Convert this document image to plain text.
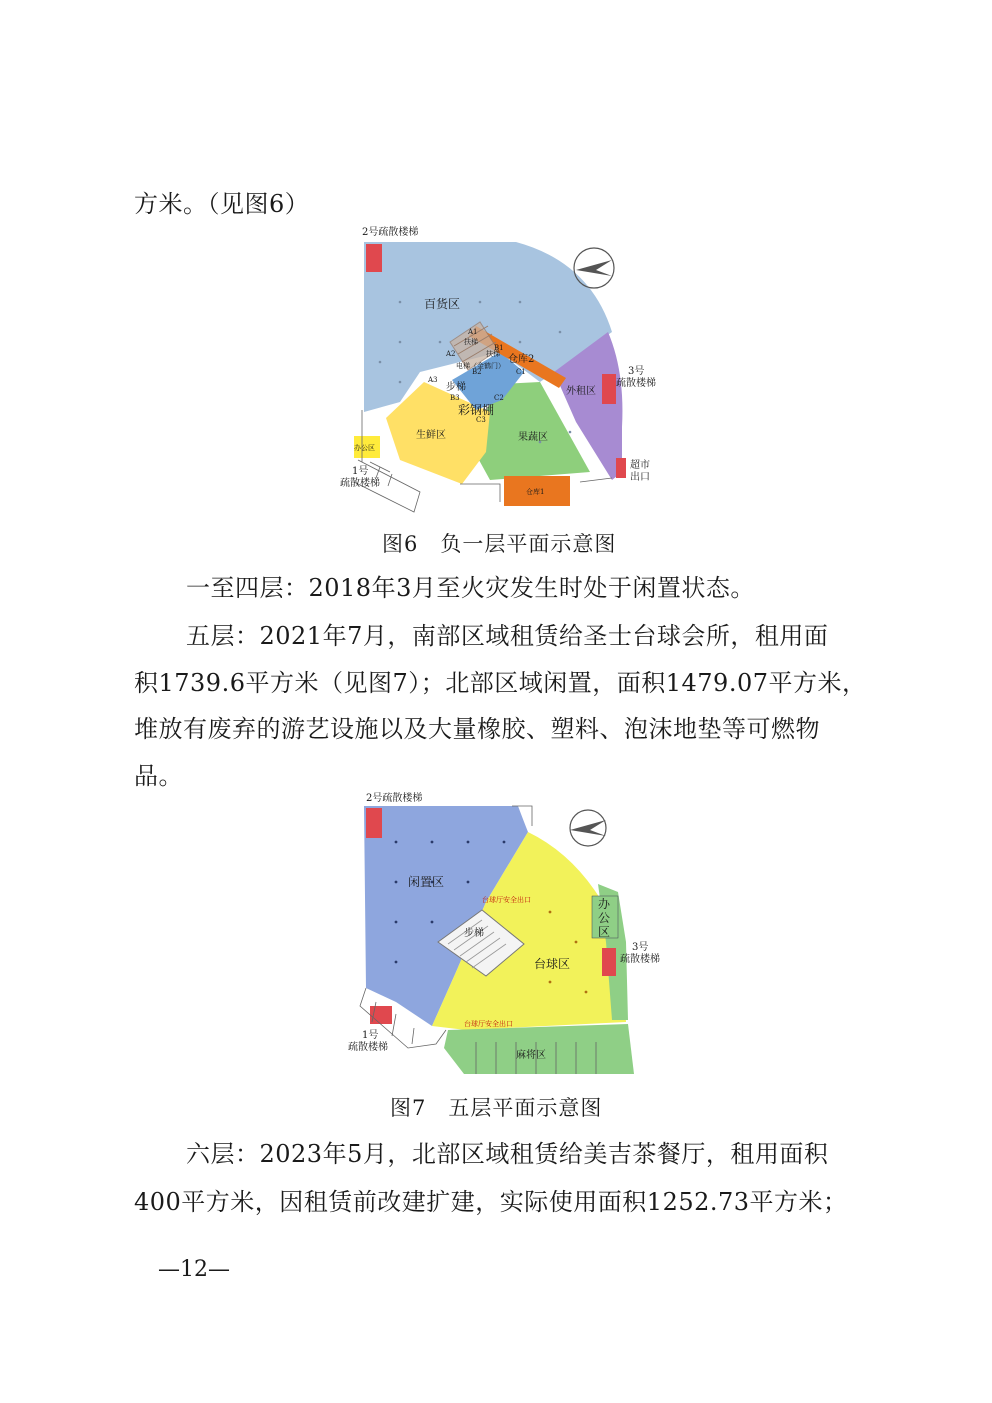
方米。（见图6）
2号疏散楼梯
百货区
A1
A2
A3
B1
B2
B3
C1
C2
C3
扶梯
扶梯
电梯（金鹤门）
步梯
仓库2
彩钢棚
外租区
3号
疏散楼梯
生鲜区	果蔬区
办公区
1号
疏散楼梯
超市
出口
仓库1
图6　负一层平面示意图
一至四层：2018年3月至火灾发生时处于闲置状态。
五层：2021年7月，南部区域租赁给圣士台球会所，租用面
积1739.6平方米（见图7）；北部区域闲置，面积1479.07平方米，
堆放有废弃的游艺设施以及大量橡胶、塑料、泡沫地垫等可燃物
品。
2号疏散楼梯
闲置区
台球厅安全出口
步梯
办
公
区
3号
疏散楼梯
台球区
台球厅安全出口
1号
疏散楼梯
麻将区
图7　五层平面示意图
六层：2023年5月，北部区域租赁给美吉茶餐厅，租用面积
400平方米，因租赁前改建扩建，实际使用面积1252.73平方米；
—12—
